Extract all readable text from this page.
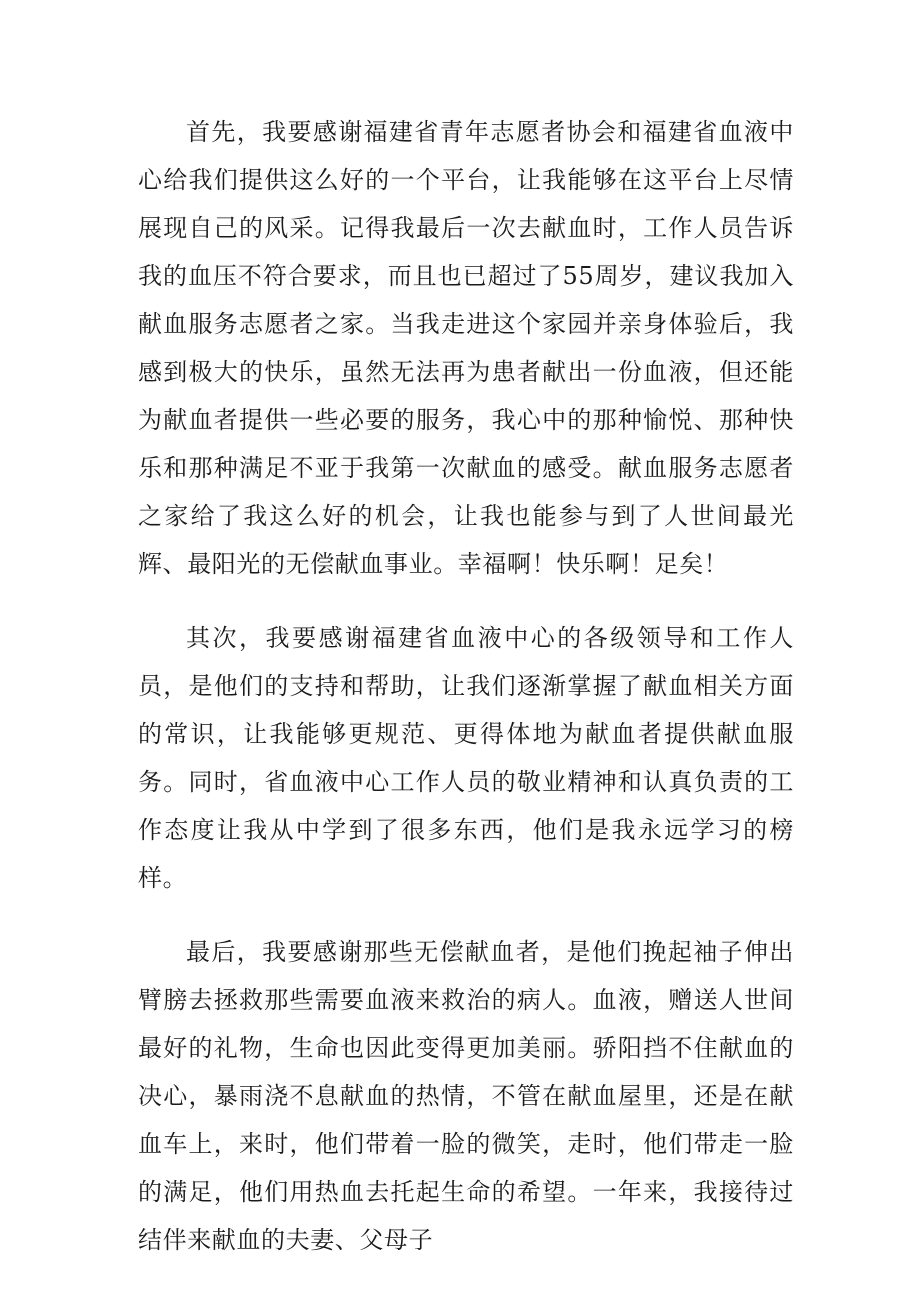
首先，我要感谢福建省青年志愿者协会和福建省血液中心给我们提供这么好的一个平台，让我能够在这平台上尽情展现自己的风采。记得我最后一次去献血时，工作人员告诉我的血压不符合要求，而且也已超过了55周岁，建议我加入献血服务志愿者之家。当我走进这个家园并亲身体验后，我感到极大的快乐，虽然无法再为患者献出一份血液，但还能为献血者提供一些必要的服务，我心中的那种愉悦、那种快乐和那种满足不亚于我第一次献血的感受。献血服务志愿者之家给了我这么好的机会，让我也能参与到了人世间最光辉、最阳光的无偿献血事业。幸福啊！快乐啊！足矣！

其次，我要感谢福建省血液中心的各级领导和工作人员，是他们的支持和帮助，让我们逐渐掌握了献血相关方面的常识，让我能够更规范、更得体地为献血者提供献血服务。同时，省血液中心工作人员的敬业精神和认真负责的工作态度让我从中学到了很多东西，他们是我永远学习的榜样。

最后，我要感谢那些无偿献血者，是他们挽起袖子伸出臂膀去拯救那些需要血液来救治的病人。血液，赠送人世间最好的礼物，生命也因此变得更加美丽。骄阳挡不住献血的决心，暴雨浇不息献血的热情，不管在献血屋里，还是在献血车上，来时，他们带着一脸的微笑，走时，他们带走一脸的满足，他们用热血去托起生命的希望。一年来，我接待过结伴来献血的夫妻、父母子
